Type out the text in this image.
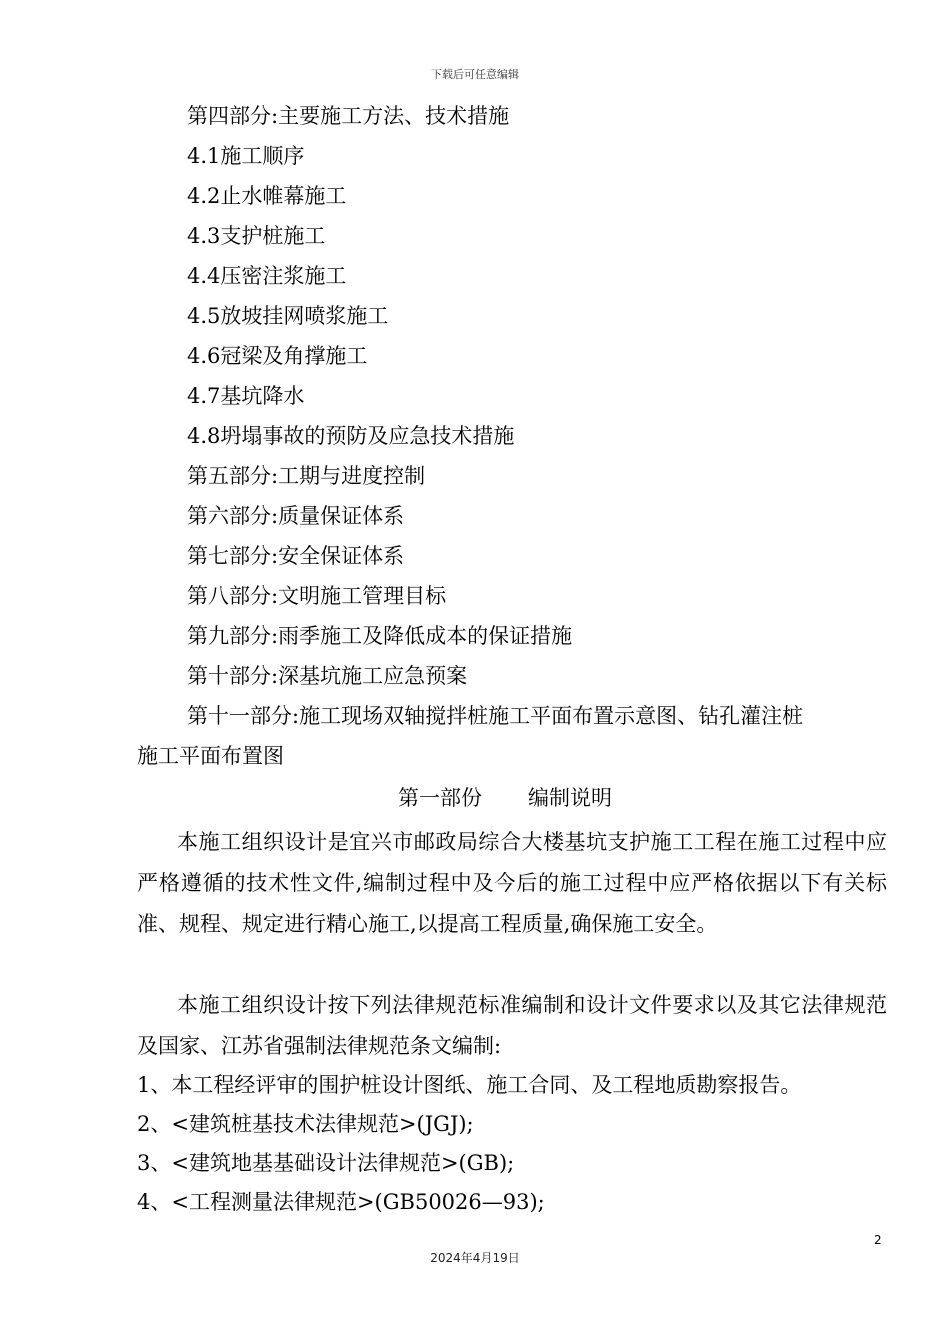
下载后可任意编辑
第四部分:主要施工方法、技术措施
4.1施工顺序
4.2止水帷幕施工
4.3支护桩施工
4.4压密注浆施工
4.5放坡挂网喷浆施工
4.6冠梁及角撑施工
4.7基坑降水
4.8坍塌事故的预防及应急技术措施
第五部分:工期与进度控制
第六部分:质量保证体系
第七部分:安全保证体系
第八部分:文明施工管理目标
第九部分:雨季施工及降低成本的保证措施
第十部分:深基坑施工应急预案
第十一部分:施工现场双轴搅拌桩施工平面布置示意图、钻孔灌注桩
施工平面布置图
第一部份 编制说明

本施工组织设计是宜兴市邮政局综合大楼基坑支护施工工程在施工过程中应严格遵循的技术性文件,编制过程中及今后的施工过程中应严格依据以下有关标准、规程、规定进行精心施工,以提高工程质量,确保施工安全。

本施工组织设计按下列法律规范标准编制和设计文件要求以及其它法律规范及国家、江苏省强制法律规范条文编制:

1、本工程经评审的围护桩设计图纸、施工合同、及工程地质勘察报告。
2、<建筑桩基技术法律规范>(JGJ);
3、<建筑地基基础设计法律规范>(GB);
4、<工程测量法律规范>(GB50026—93);
2
2024年4月19日
